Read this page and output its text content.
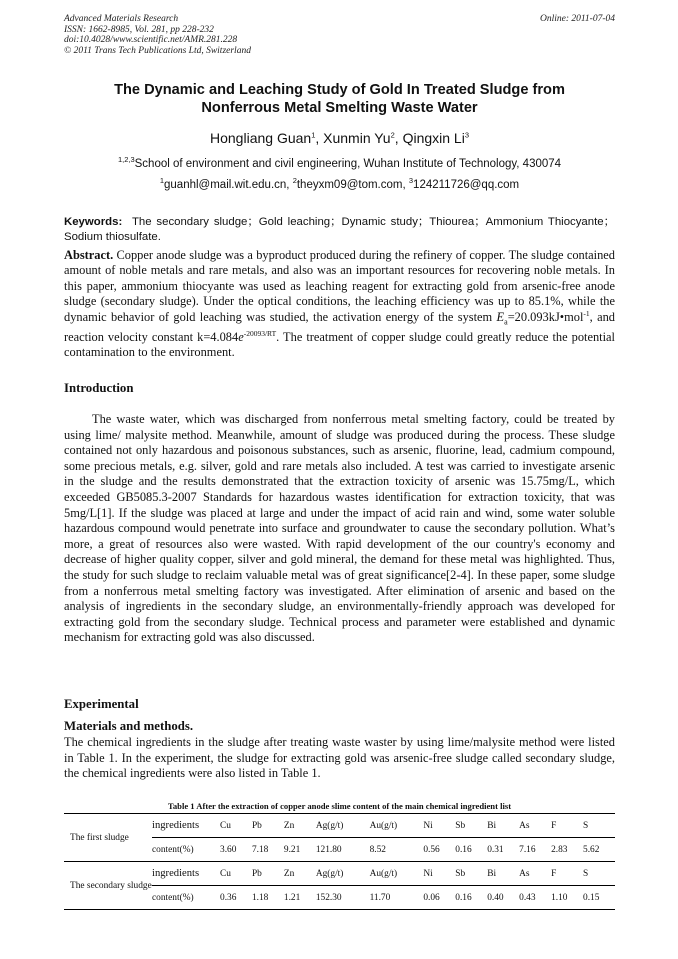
Advanced Materials Research
ISSN: 1662-8985, Vol. 281, pp 228-232
doi:10.4028/www.scientific.net/AMR.281.228
© 2011 Trans Tech Publications Ltd, Switzerland
Online: 2011-07-04
The Dynamic and Leaching Study of Gold In Treated Sludge from
Nonferrous Metal Smelting Waste Water
Hongliang Guan$^1$, Xunmin Yu$^2$, Qingxin Li$^3$
$^{1,2,3}$School of environment and civil engineering, Wuhan Institute of Technology, 430074
$^1$guanhl@mail.wit.edu.cn, $^2$theyxm09@tom.com, $^3$124211726@qq.com
Keywords: The secondary sludge；Gold leaching；Dynamic study；Thiourea；Ammonium Thiocyante；Sodium thiosulfate.
Abstract. Copper anode sludge was a byproduct produced during the refinery of copper. The sludge contained amount of noble metals and rare metals, and also was an important resources for recovering noble metals. In this paper, ammonium thiocyante was used as leaching reagent for extracting gold from arsenic-free anode sludge (secondary sludge). Under the optical conditions, the leaching efficiency was up to 85.1%, while the dynamic behavior of gold leaching was studied, the activation energy of the system $E_a=20.093kJ•mol^{-1}$, and reaction velocity constant $k=4.084e^{-20093/RT}$. The treatment of copper sludge could greatly reduce the potential contamination to the environment.
Introduction
The waste water, which was discharged from nonferrous metal smelting factory, could be treated by using lime/ malysite method. Meanwhile, amount of sludge was produced during the process. These sludge contained not only hazardous and poisonous substances, such as arsenic, fluorine, lead, cadmium compound, some precious metals, e.g. silver, gold and rare metals also included. A test was carried to investigate arsenic in the sludge and the results demonstrated that the extraction toxicity of arsenic was 15.75mg/L, which exceeded GB5085.3-2007 Standards for hazardous wastes identification for extraction toxicity, that was 5mg/L[1]. If the sludge was placed at large and under the impact of acid rain and wind, some water soluble hazardous compound would penetrate into surface and groundwater to cause the secondary pollution. What’s more, a great of resources also were wasted. With rapid development of the our country's economy and decrease of higher quality copper, silver and gold mineral, the demand for these metal was highlighted. Thus, the study for such sludge to reclaim valuable metal was of great significance[2-4]. In these paper, some sludge from a nonferrous metal smelting factory was investigated. After elimination of arsenic and based on the analysis of ingredients in the secondary sludge, an environmentally-friendly approach was developed for extracting gold from the secondary sludge. Technical process and parameter were established and dynamic mechanism for extracting gold was also discussed.
Experimental
Materials and methods.
The chemical ingredients in the sludge after treating waste waster by using lime/malysite method were listed in Table 1. In the experiment, the sludge for extracting gold was arsenic-free sludge called secondary sludge, the chemical ingredients were also listed in Table 1.
Table 1 After the extraction of copper anode slime content of the main chemical ingredient list
The first sludge	ingredients	Cu	Pb	Zn	Ag(g/t)	Au(g/t)	Ni	Sb	Bi	As	F	S
	content(%)	3.60	7.18	9.21	121.80	8.52	0.56	0.16	0.31	7.16	2.83	5.62
The secondary sludge	ingredients	Cu	Pb	Zn	Ag(g/t)	Au(g/t)	Ni	Sb	Bi	As	F	S
	content(%)	0.36	1.18	1.21	152.30	11.70	0.06	0.16	0.40	0.43	1.10	0.15
